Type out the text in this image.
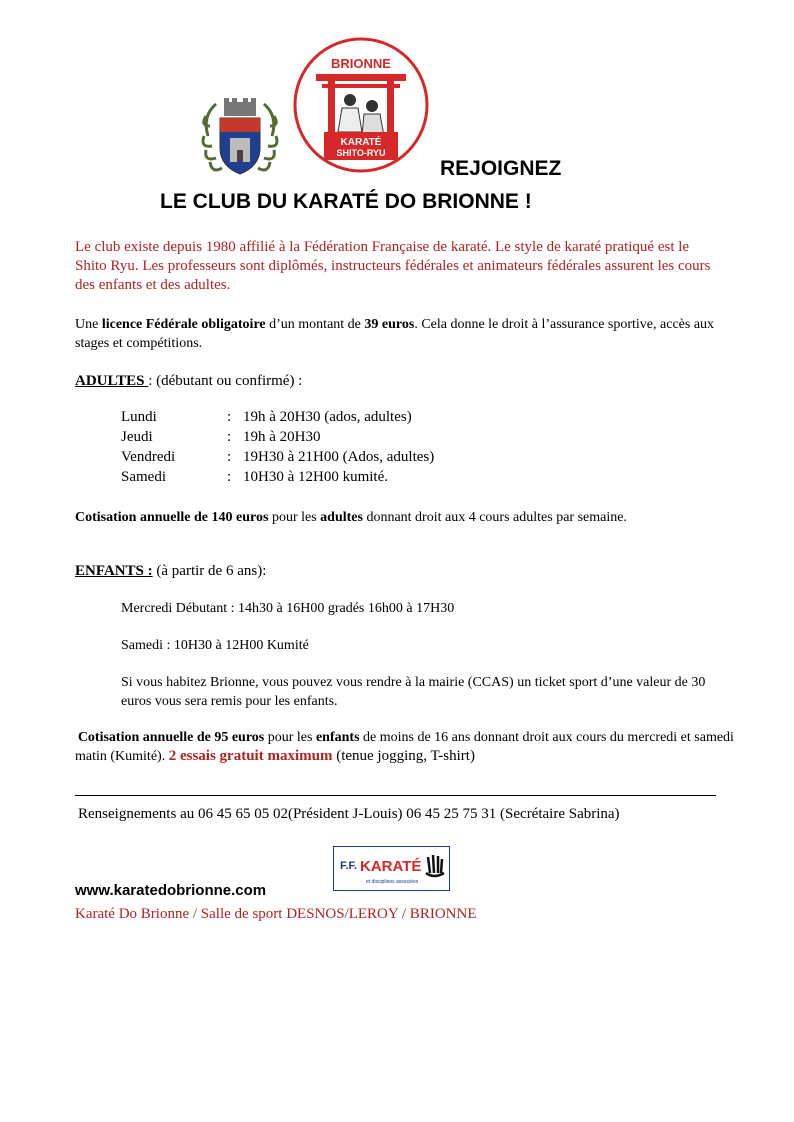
BRIONNE
KARATÉ
SHITO-RYU
REJOIGNEZ
LE CLUB DU KARATÉ DO BRIONNE !
Le club existe depuis 1980 affilié à la Fédération Française de karaté. Le style de karaté pratiqué est le Shito Ryu. Les professeurs sont diplômés, instructeurs fédérales et animateurs fédérales assurent les cours des enfants et des adultes.
Une licence Fédérale obligatoire d’un montant de 39 euros. Cela donne le droit à l’assurance sportive, accès aux stages et compétitions.
ADULTES : (débutant ou confirmé) :
Lundi	: 19h à 20H30 (ados, adultes)
Jeudi	: 19h à 20H30
Vendredi	: 19H30 à 21H00 (Ados, adultes)
Samedi	: 10H30 à 12H00 kumité.
Cotisation annuelle de 140 euros pour les adultes donnant droit aux 4 cours adultes par semaine.
ENFANTS : (à partir de 6 ans):
Mercredi Débutant : 14h30 à 16H00 gradés 16h00 à 17H30
Samedi : 10H30 à 12H00 Kumité
Si vous habitez Brionne, vous pouvez vous rendre à la mairie (CCAS) un ticket sport d’une valeur de 30 euros vous sera remis pour les enfants.
 Cotisation annuelle de 95 euros pour les enfants de moins de 16 ans donnant droit aux cours du mercredi et samedi matin (Kumité). 2 essais gratuit maximum (tenue jogging, T-shirt)
Renseignements au 06 45 65 05 02(Président J-Louis) 06 45 25 75 31 (Secrétaire Sabrina)
F.F. KARATÉ
et disciplines associées
www.karatedobrionne.com
Karaté Do Brionne / Salle de sport DESNOS/LEROY / BRIONNE
